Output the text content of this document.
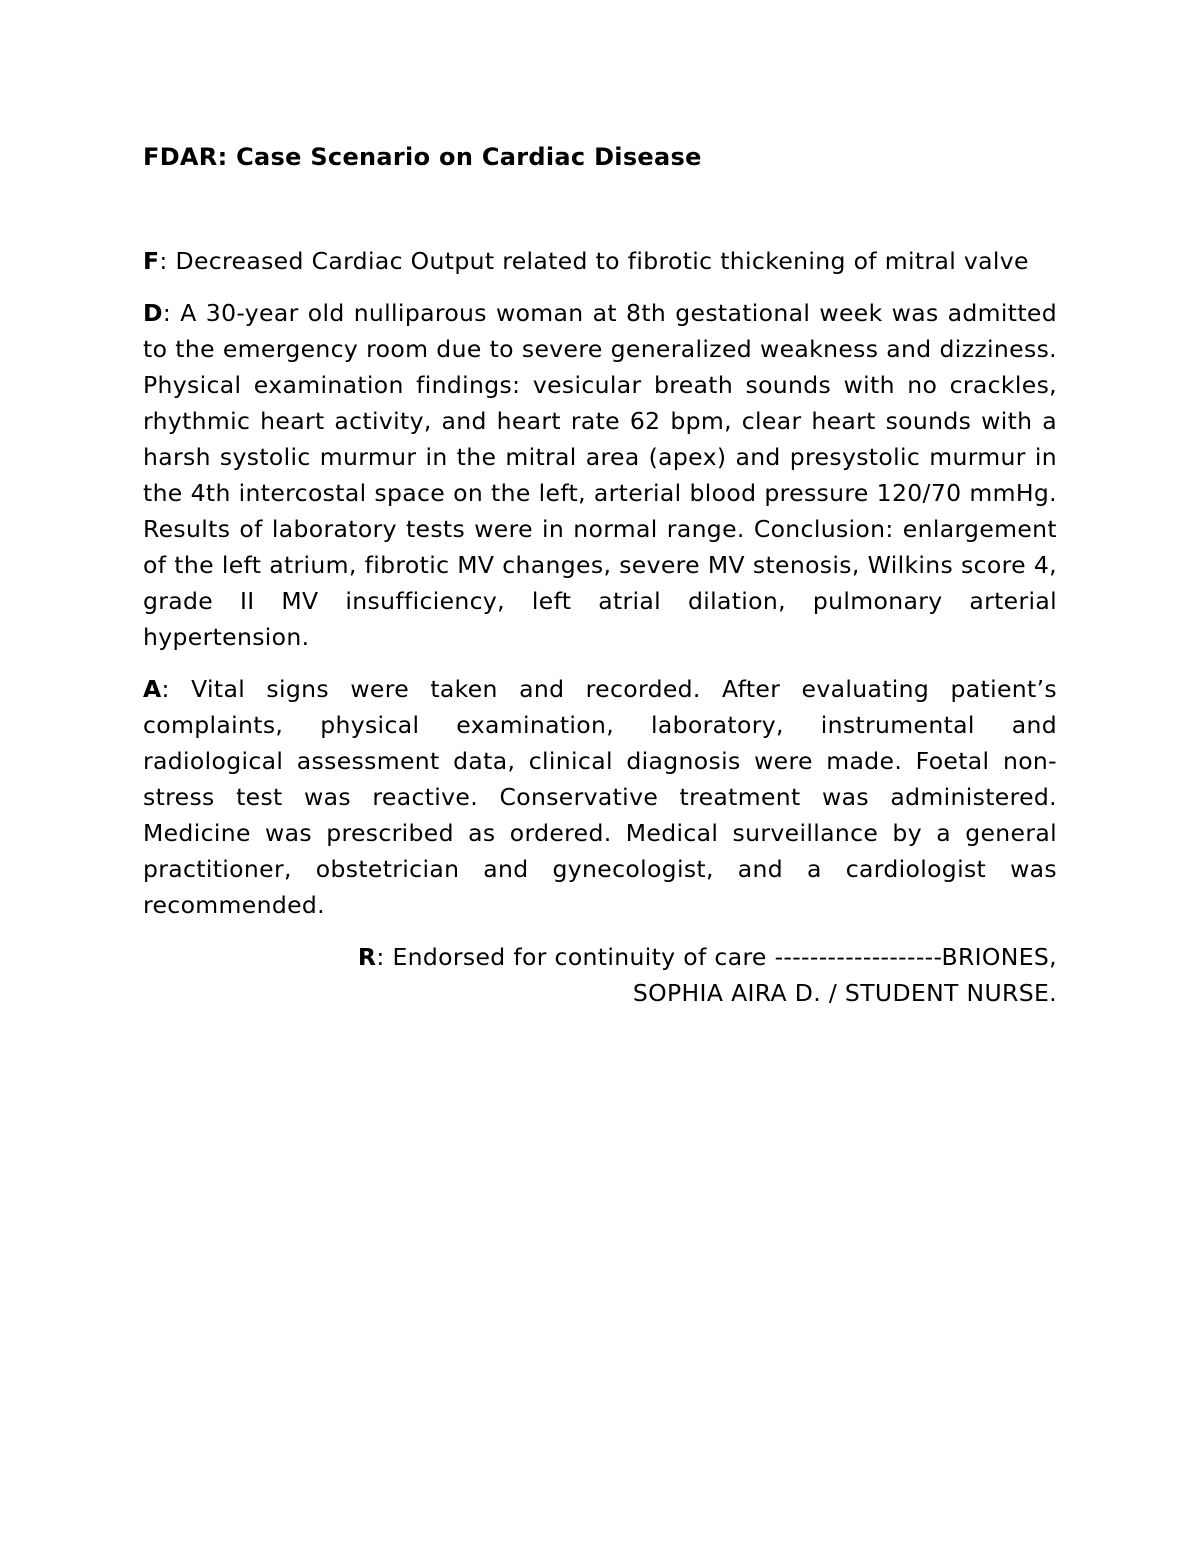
FDAR: Case Scenario on Cardiac Disease

F: Decreased Cardiac Output related to fibrotic thickening of mitral valve

D: A 30-year old nulliparous woman at 8th gestational week was admitted to the emergency room due to severe generalized weakness and dizziness. Physical examination findings: vesicular breath sounds with no crackles, rhythmic heart activity, and heart rate 62 bpm, clear heart sounds with a harsh systolic murmur in the mitral area (apex) and presystolic murmur in the 4th intercostal space on the left, arterial blood pressure 120/70 mmHg. Results of laboratory tests were in normal range. Conclusion: enlargement of the left atrium, fibrotic MV changes, severe MV stenosis, Wilkins score 4, grade II MV insufficiency, left atrial dilation, pulmonary arterial hypertension.

A: Vital signs were taken and recorded. After evaluating patient’s complaints, physical examination, laboratory, instrumental and radiological assessment data, clinical diagnosis were made. Foetal non-stress test was reactive. Conservative treatment was administered. Medicine was prescribed as ordered. Medical surveillance by a general practitioner, obstetrician and gynecologist, and a cardiologist was recommended.

R: Endorsed for continuity of care -------------------BRIONES,
SOPHIA AIRA D. / STUDENT NURSE.
